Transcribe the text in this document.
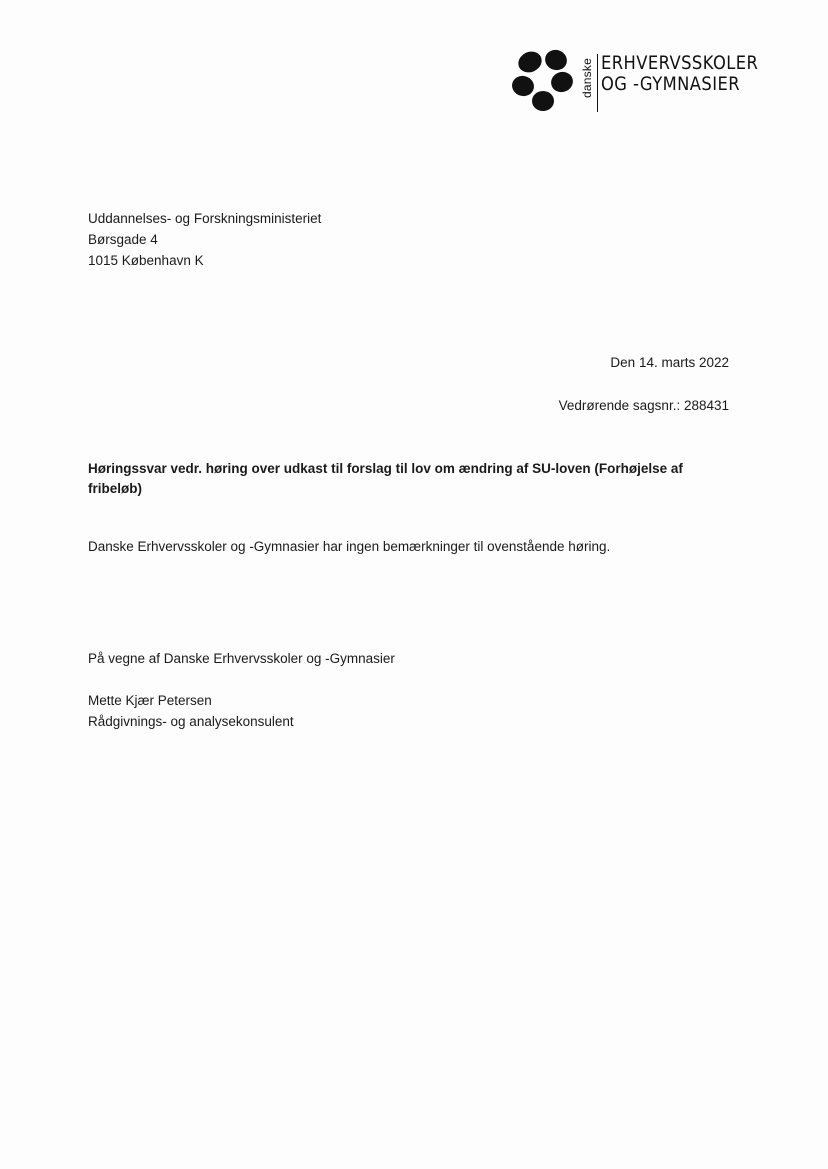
danske ERHVERVSSKOLER
OG -GYMNASIER
Uddannelses- og Forskningsministeriet
Børsgade 4
1015 København K
Den 14. marts 2022
Vedrørende sagsnr.: 288431
Høringssvar vedr. høring over udkast til forslag til lov om ændring af SU-loven (Forhøjelse af fribeløb)
Danske Erhvervsskoler og -Gymnasier har ingen bemærkninger til ovenstående høring.
På vegne af Danske Erhvervsskoler og -Gymnasier
Mette Kjær Petersen
Rådgivnings- og analysekonsulent
